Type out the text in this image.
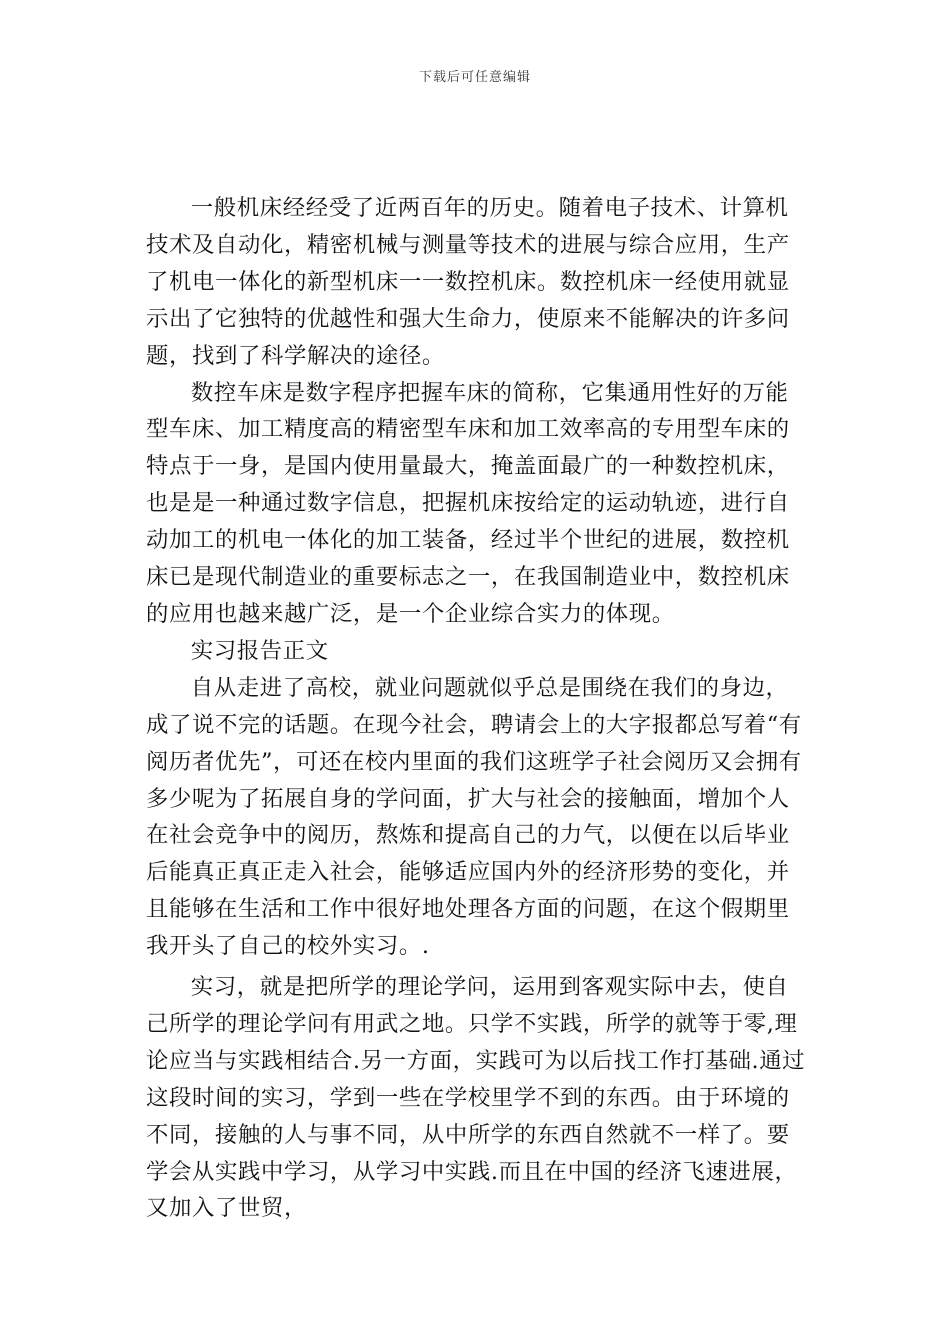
下载后可任意编辑

一般机床经经受了近两百年的历史。随着电子技术、计算机技术及自动化，精密机械与测量等技术的进展与综合应用，生产了机电一体化的新型机床一一数控机床。数控机床一经使用就显示出了它独特的优越性和强大生命力，使原来不能解决的许多问题，找到了科学解决的途径。

数控车床是数字程序把握车床的简称，它集通用性好的万能型车床、加工精度高的精密型车床和加工效率高的专用型车床的特点于一身，是国内使用量最大，掩盖面最广的一种数控机床，也是是一种通过数字信息，把握机床按给定的运动轨迹，进行自动加工的机电一体化的加工装备，经过半个世纪的进展，数控机床已是现代制造业的重要标志之一，在我国制造业中，数控机床的应用也越来越广泛，是一个企业综合实力的体现。

实习报告正文

自从走进了高校，就业问题就似乎总是围绕在我们的身边，成了说不完的话题。在现今社会，聘请会上的大字报都总写着“有阅历者优先”，可还在校内里面的我们这班学子社会阅历又会拥有多少呢为了拓展自身的学问面，扩大与社会的接触面，增加个人在社会竞争中的阅历，熬炼和提高自己的力气，以便在以后毕业后能真正真正走入社会，能够适应国内外的经济形势的变化，并且能够在生活和工作中很好地处理各方面的问题，在这个假期里我开头了自己的校外实习。.

实习，就是把所学的理论学问，运用到客观实际中去，使自己所学的理论学问有用武之地。只学不实践，所学的就等于零,理论应当与实践相结合.另一方面，实践可为以后找工作打基础.通过这段时间的实习，学到一些在学校里学不到的东西。由于环境的不同，接触的人与事不同，从中所学的东西自然就不一样了。要学会从实践中学习，从学习中实践.而且在中国的经济飞速进展，又加入了世贸，
